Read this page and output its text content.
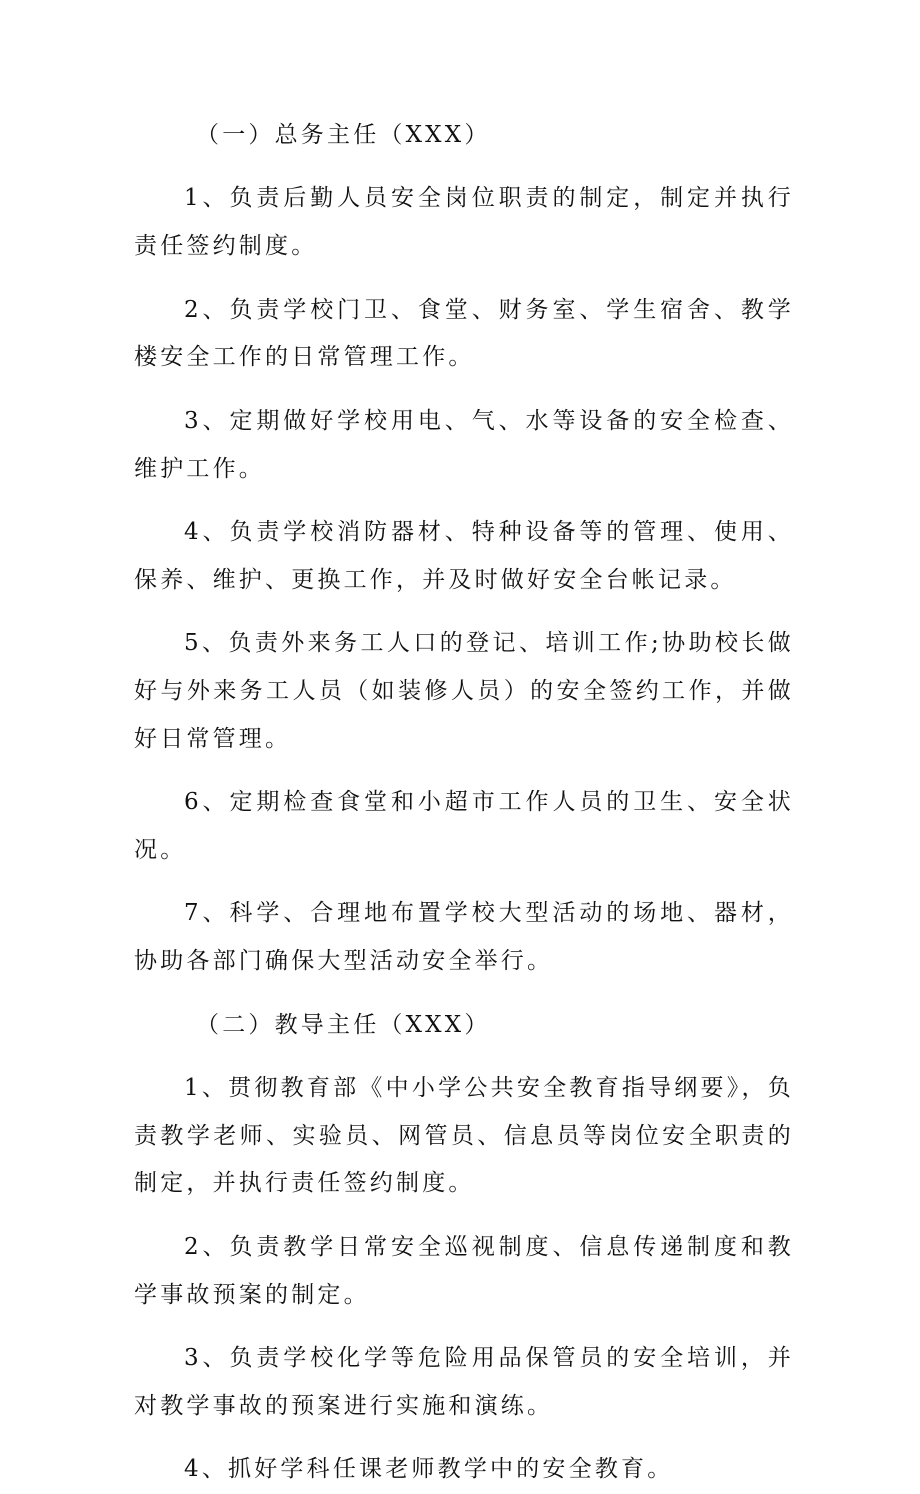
（一）总务主任（XXX）

1、负责后勤人员安全岗位职责的制定，制定并执行责任签约制度。

2、负责学校门卫、食堂、财务室、学生宿舍、教学楼安全工作的日常管理工作。

3、定期做好学校用电、气、水等设备的安全检查、维护工作。

4、负责学校消防器材、特种设备等的管理、使用、保养、维护、更换工作，并及时做好安全台帐记录。

5、负责外来务工人口的登记、培训工作;协助校长做好与外来务工人员（如装修人员）的安全签约工作，并做好日常管理。

6、定期检查食堂和小超市工作人员的卫生、安全状况。

7、科学、合理地布置学校大型活动的场地、器材，协助各部门确保大型活动安全举行。

（二）教导主任（XXX）

1、贯彻教育部《中小学公共安全教育指导纲要》，负责教学老师、实验员、网管员、信息员等岗位安全职责的制定，并执行责任签约制度。

2、负责教学日常安全巡视制度、信息传递制度和教学事故预案的制定。

3、负责学校化学等危险用品保管员的安全培训，并对教学事故的预案进行实施和演练。

4、抓好学科任课老师教学中的安全教育。
